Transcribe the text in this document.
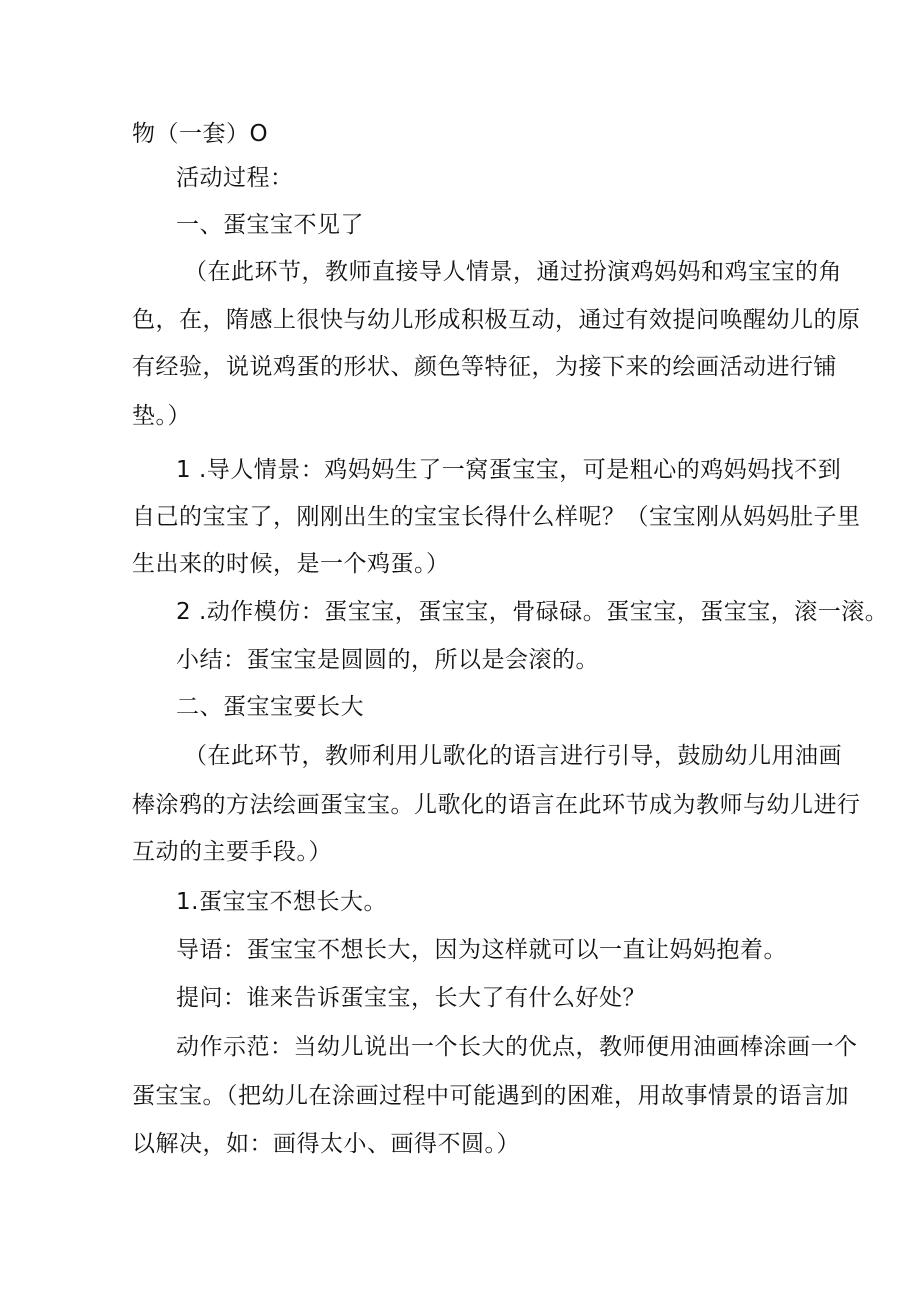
物（一套）O
活动过程：
一、蛋宝宝不见了
（在此环节，教师直接导人情景，通过扮演鸡妈妈和鸡宝宝的角
色，在，隋感上很快与幼儿形成积极互动，通过有效提问唤醒幼儿的原
有经验，说说鸡蛋的形状、颜色等特征，为接下来的绘画活动进行铺
垫。）
1 .导人情景：鸡妈妈生了一窝蛋宝宝，可是粗心的鸡妈妈找不到
自己的宝宝了，刚刚出生的宝宝长得什么样呢？（宝宝刚从妈妈肚子里
生出来的时候，是一个鸡蛋。）
2 .动作模仿：蛋宝宝，蛋宝宝，骨碌碌。蛋宝宝，蛋宝宝，滚一滚。
小结：蛋宝宝是圆圆的，所以是会滚的。
二、蛋宝宝要长大
（在此环节，教师利用儿歌化的语言进行引导，鼓励幼儿用油画
棒涂鸦的方法绘画蛋宝宝。儿歌化的语言在此环节成为教师与幼儿进行
互动的主要手段。）
1.蛋宝宝不想长大。
导语：蛋宝宝不想长大，因为这样就可以一直让妈妈抱着。
提问：谁来告诉蛋宝宝，长大了有什么好处？
动作示范：当幼儿说出一个长大的优点，教师便用油画棒涂画一个
蛋宝宝。（把幼儿在涂画过程中可能遇到的困难，用故事情景的语言加
以解决，如：画得太小、画得不圆。）
